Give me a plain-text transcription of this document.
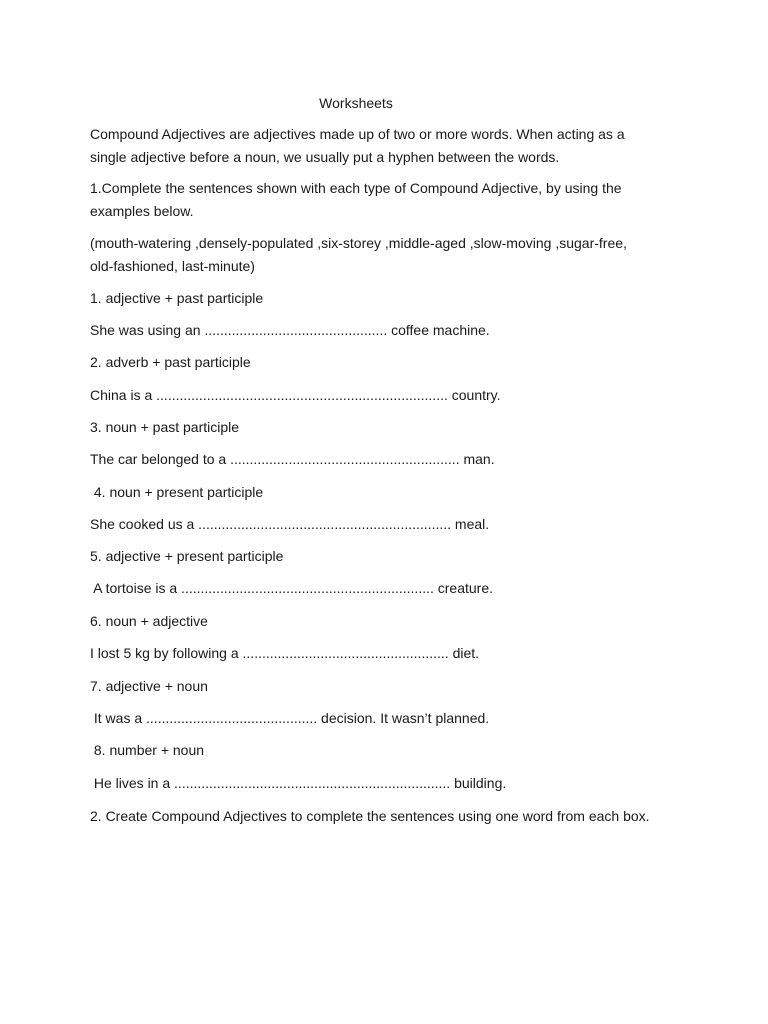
Worksheets

Compound Adjectives are adjectives made up of two or more words. When acting as a
single adjective before a noun, we usually put a hyphen between the words.

1.Complete the sentences shown with each type of Compound Adjective, by using the
examples below.

(mouth-watering ,densely-populated ,six-storey ,middle-aged ,slow-moving ,sugar-free,
old-fashioned, last-minute)

1. adjective + past participle

She was using an ............................................... coffee machine.

2. adverb + past participle

China is a ........................................................................... country.

3. noun + past participle

The car belonged to a ........................................................... man.

4. noun + present participle

She cooked us a ................................................................. meal.

5. adjective + present participle

A tortoise is a ................................................................. creature.

6. noun + adjective

I lost 5 kg by following a ..................................................... diet.

7. adjective + noun

It was a ............................................ decision. It wasn’t planned.

8. number + noun

He lives in a ....................................................................... building.

2. Create Compound Adjectives to complete the sentences using one word from each box.
